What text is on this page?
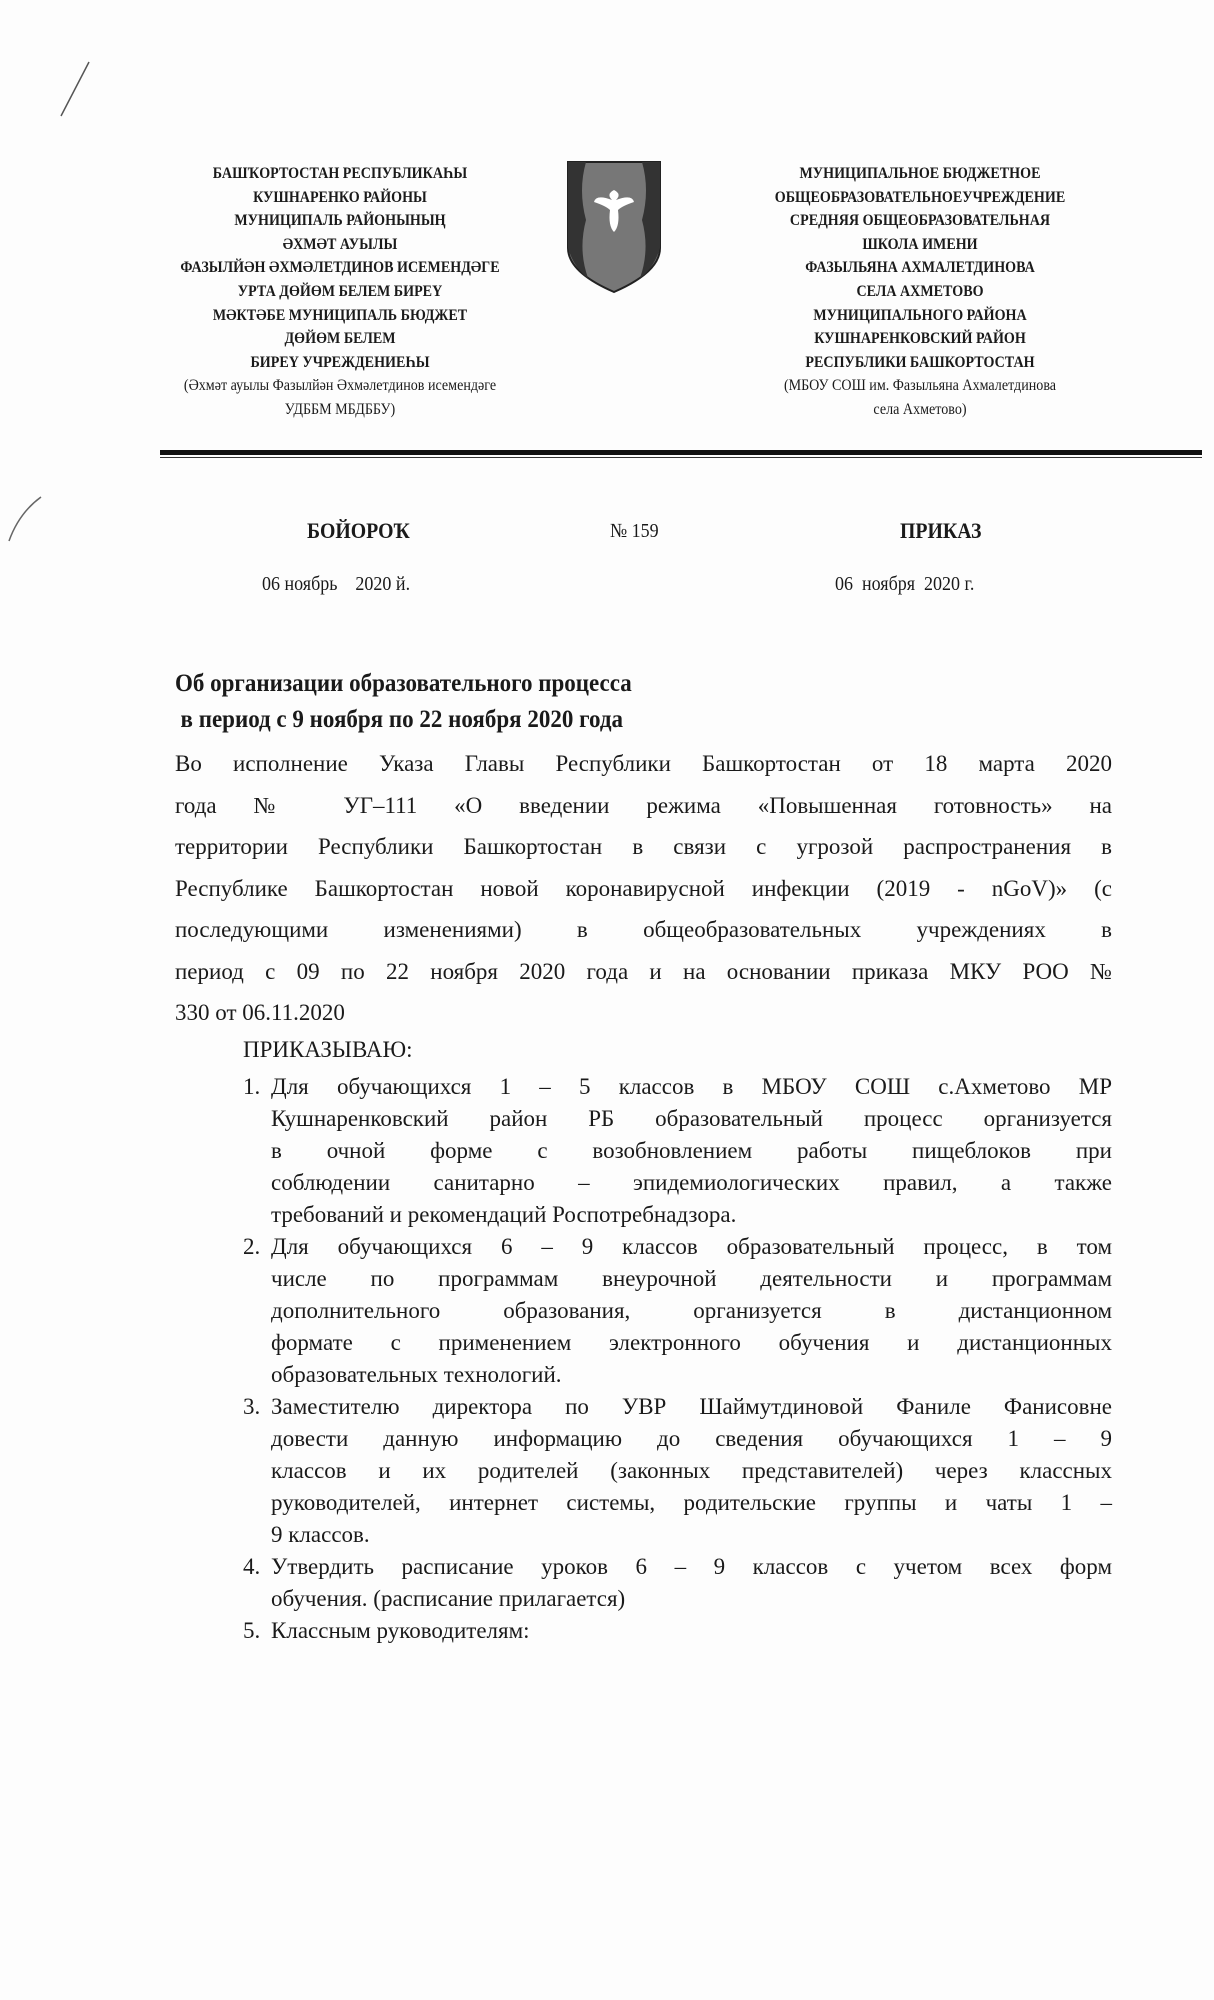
БАШҠОРТОСТАН РЕСПУБЛИКАҺЫ
КУШНАРЕНКО РАЙОНЫ
МУНИЦИПАЛЬ РАЙОНЫНЫҢ
ӘХМӘТ АУЫЛЫ
ФАЗЫЛЙӘН ӘХМӘЛЕТДИНОВ ИСЕМЕНДӘГЕ
УРТА ДӨЙӨМ БЕЛЕМ БИРЕҮ
МӘКТӘБЕ МУНИЦИПАЛЬ БЮДЖЕТ
ДӨЙӨМ БЕЛЕМ
БИРЕҮ УЧРЕЖДЕНИЕҺЫ
(Әхмәт ауылы Фазылйән Әхмәлетдинов исемендәге
УДББМ МБДББУ)
МУНИЦИПАЛЬНОЕ БЮДЖЕТНОЕ
ОБЩЕОБРАЗОВАТЕЛЬНОЕУЧРЕЖДЕНИЕ
СРЕДНЯЯ ОБЩЕОБРАЗОВАТЕЛЬНАЯ
ШКОЛА ИМЕНИ
ФАЗЫЛЬЯНА АХМАЛЕТДИНОВА
СЕЛА АХМЕТОВО
МУНИЦИПАЛЬНОГО РАЙОНА
КУШНАРЕНКОВСКИЙ РАЙОН
РЕСПУБЛИКИ БАШКОРТОСТАН
(МБОУ СОШ им. Фазыльяна Ахмалетдинова
села Ахметово)
БОЙОРОҠ	№ 159	ПРИКАЗ
06 ноябрь    2020 й.	06  ноября  2020 г.
Об организации образовательного процесса
в период с 9 ноября по 22 ноября 2020 года
Во исполнение Указа Главы Республики Башкортостан от 18 марта 2020
года № УГ–111 «О введении режима «Повышенная готовность» на
территории Республики Башкортостан в связи с угрозой распространения в
Республике Башкортостан новой коронавирусной инфекции (2019 - nGoV)» (с
последующими изменениями) в общеобразовательных учреждениях в
период с 09 по 22 ноября 2020 года и на основании приказа МКУ РОО №
330 от 06.11.2020
ПРИКАЗЫВАЮ:
1. Для обучающихся 1 – 5 классов в МБОУ СОШ с.Ахметово МР
Кушнаренковский район РБ образовательный процесс организуется
в очной форме с возобновлением работы пищеблоков при
соблюдении санитарно – эпидемиологических правил, а также
требований и рекомендаций Роспотребнадзора.
2. Для обучающихся 6 – 9 классов образовательный процесс, в том
числе по программам внеурочной деятельности и программам
дополнительного образования, организуется в дистанционном
формате с применением электронного обучения и дистанционных
образовательных технологий.
3. Заместителю директора по УВР Шаймутдиновой Фаниле Фанисовне
довести данную информацию до сведения обучающихся 1 – 9
классов и их родителей (законных представителей) через классных
руководителей, интернет системы, родительские группы и чаты 1 –
9 классов.
4. Утвердить расписание уроков 6 – 9 классов с учетом всех форм
обучения. (расписание прилагается)
5. Классным руководителям:
